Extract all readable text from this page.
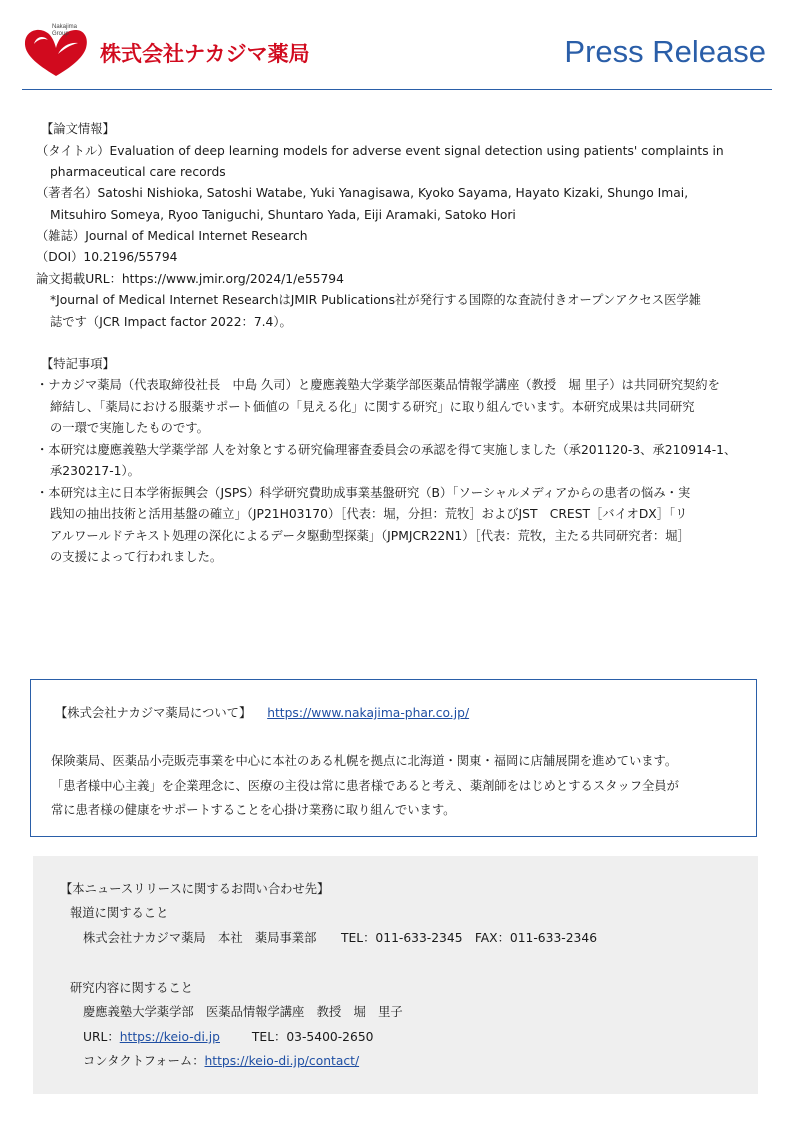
Nakajima
Group
株式会社ナカジマ薬局	Press Release
【論文情報】
（タイトル）Evaluation of deep learning models for adverse event signal detection using patients' complaints in
pharmaceutical care records
（著者名）Satoshi Nishioka, Satoshi Watabe, Yuki Yanagisawa, Kyoko Sayama, Hayato Kizaki, Shungo Imai,
Mitsuhiro Someya, Ryoo Taniguchi, Shuntaro Yada, Eiji Aramaki, Satoko Hori
（雑誌）Journal of Medical Internet Research
（DOI）10.2196/55794
論文掲載URL：https://www.jmir.org/2024/1/e55794
*Journal of Medical Internet ResearchはJMIR Publications社が発行する国際的な査読付きオープンアクセス医学雑
誌です（JCR Impact factor 2022：7.4）。
【特記事項】
・ナカジマ薬局（代表取締役社長　中島 久司）と慶應義塾大学薬学部医薬品情報学講座（教授　堀 里子）は共同研究契約を
締結し、「薬局における服薬サポート価値の「見える化」に関する研究」に取り組んでいます。本研究成果は共同研究
の一環で実施したものです。
・本研究は慶應義塾大学薬学部 人を対象とする研究倫理審査委員会の承認を得て実施しました（承201120-3、承210914-1、
承230217-1）。
・本研究は主に日本学術振興会（JSPS）科学研究費助成事業基盤研究（B）「ソーシャルメディアからの患者の悩み・実
践知の抽出技術と活用基盤の確立」（JP21H03170）［代表：堀，分担：荒牧］およびJST　CREST［バイオDX］「リ
アルワールドテキスト処理の深化によるデータ駆動型探薬」（JPMJCR22N1）［代表：荒牧，主たる共同研究者：堀］
の支援によって行われました。
【株式会社ナカジマ薬局について】 https://www.nakajima-phar.co.jp/
保険薬局、医薬品小売販売事業を中心に本社のある札幌を拠点に北海道・関東・福岡に店舗展開を進めています。
「患者様中心主義」を企業理念に、医療の主役は常に患者様であると考え、薬剤師をはじめとするスタッフ全員が
常に患者様の健康をサポートすることを心掛け業務に取り組んでいます。
【本ニュースリリースに関するお問い合わせ先】
報道に関すること
株式会社ナカジマ薬局　本社　薬局事業部　　TEL：011-633-2345　FAX：011-633-2346
研究内容に関すること
慶應義塾大学薬学部　医薬品情報学講座　教授　堀　里子
URL：https://keio-di.jp	TEL：03-5400-2650
コンタクトフォーム：https://keio-di.jp/contact/
